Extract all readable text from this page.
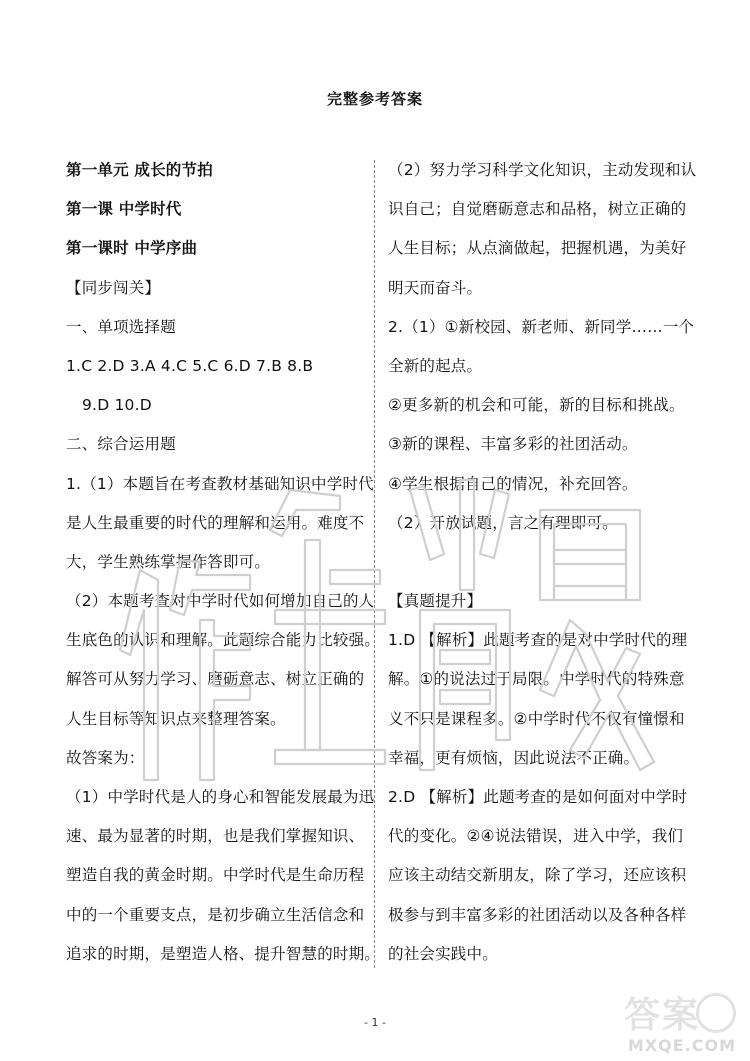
完整参考答案
第一单元 成长的节拍
第一课 中学时代
第一课时 中学序曲
【同步闯关】
一、单项选择题
1.C 2.D 3.A 4.C 5.C 6.D 7.B 8.B
9.D 10.D
二、综合运用题
1.（1）本题旨在考查教材基础知识中学时代
是人生最重要的时代的理解和运用。难度不
大，学生熟练掌握作答即可。
（2）本题考查对中学时代如何增加自己的人
生底色的认识和理解。此题综合能力比较强。
解答可从努力学习、磨砺意志、树立正确的
人生目标等知识点来整理答案。
故答案为：
（1）中学时代是人的身心和智能发展最为迅
速、最为显著的时期，也是我们掌握知识、
塑造自我的黄金时期。中学时代是生命历程
中的一个重要支点，是初步确立生活信念和
追求的时期，是塑造人格、提升智慧的时期。
（2）努力学习科学文化知识，主动发现和认
识自己；自觉磨砺意志和品格，树立正确的
人生目标；从点滴做起，把握机遇，为美好
明天而奋斗。
2.（1）①新校园、新老师、新同学……一个
全新的起点。
②更多新的机会和可能，新的目标和挑战。
③新的课程、丰富多彩的社团活动。
④学生根据自己的情况，补充回答。
（2）开放试题，言之有理即可。

【真题提升】
1.D 【解析】此题考查的是对中学时代的理
解。①的说法过于局限。中学时代的特殊意
义不只是课程多。②中学时代不仅有憧憬和
幸福，更有烦恼，因此说法不正确。
2.D 【解析】此题考查的是如何面对中学时
代的变化。②④说法错误，进入中学，我们
应该主动结交新朋友，除了学习，还应该积
极参与到丰富多彩的社团活动以及各种各样
的社会实践中。
- 1 -	答案
MXQE.COM
